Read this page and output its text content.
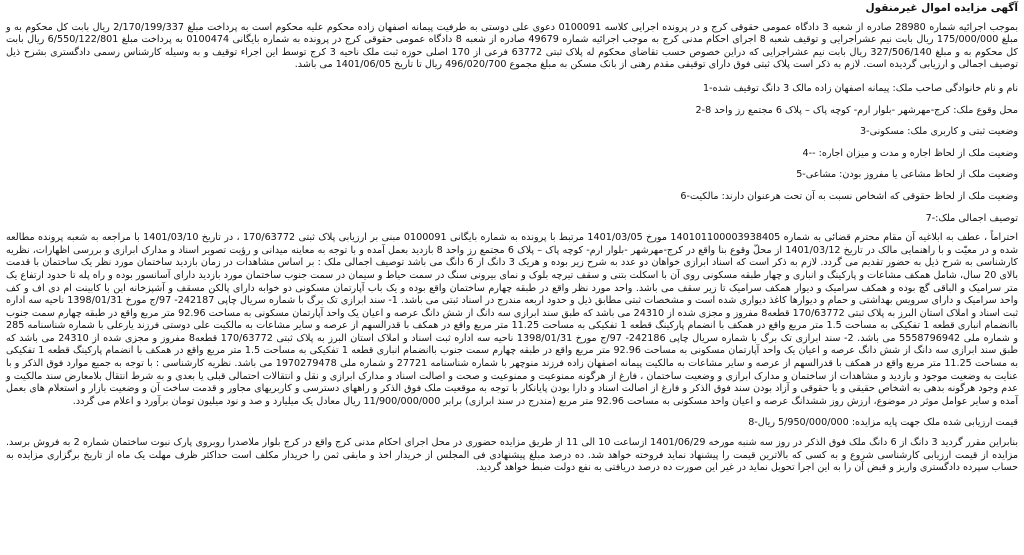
آگهی مزایده اموال غیرمنقول

بموجب اجرائیه شماره 28980 صادره از شعبه 3 دادگاه عمومی حقوقی کرج و در پرونده اجرایی کلاسه 0100091 دعوی علی دوستی به طرفیت پیمانه اصفهان زاده محکوم علیه محکوم است به پرداخت مبلغ 2/170/199/337 ریال بابت کل محکوم به و مبلغ 175/000/000 ریال بابت نیم عشراجرایی و توقیف شعبه 8 اجرای احکام مدنی کرج به موجب اجرائیه شماره 49679 صادره از شعبه 8 دادگاه عمومی حقوقی کرج در پرونده به شماره بایگانی 0100474 به پرداخت مبلغ 6/550/122/801 ریال بابت کل محکوم به و مبلغ 327/506/140 ریال بابت نیم عشراجرایی که دراین خصوص حسب تقاضای محکوم له پلاک ثبتی 63772 فرعی از 170 اصلی حوزه ثبت ملک ناحیه 3 کرج توسط این اجراء توقیف و به وسیله کارشناس رسمی دادگستری بشرح ذیل توصیف اجمالی و ارزیابی گردیده است. لازم به ذکر است پلاک ثبتی فوق دارای توقیفی مقدم رهنی از بانک مسکن به مبلغ مجموع 496/020/700 ریال تا تاریخ 1401/06/05 می باشد.

نام و نام خانوادگی صاحب ملک: پیمانه اصفهان زاده مالک 3 دانگ توقیف شده-1

محل وقوع ملک: کرج-مهرشهر -بلوار ارم- کوچه پاک – پلاک 6 مجتمع رز واحد 8-2

وضعیت ثبتی و کاربری ملک: مسکونی-3

وضعیت ملک از لحاظ اجاره و مدت و میزان اجاره: --4

وضعیت ملک از لحاظ مشاعی یا مفروز بودن: مشاعی-5

وضعیت ملک از لحاظ حقوقی که اشخاص نسبت به آن تحت هرعنوان دارند: مالکیت-6

توصیف اجمالی ملک:-7

احتراماً ، عطف به ابلاغیه آن مقام محترم قضائی به شماره 140101100003938405 مورخ 1401/03/05 مرتبط با پرونده به شماره بایگانی 0100091 مبنی بر ارزیابی پلاک ثبتی 170/63772 ، در تاریخ 1401/03/10 با مراجعه به شعبه پرونده مطالعه شده و در معیّت و با راهنمایی مالک در تاریخ 1401/03/12 از محلّ وقوع بنا واقع در کرج-مهرشهر -بلوار ارم- کوچه پاک – پلاک 6 مجتمع رز واحد 8 بازدید بعمل آمده و با توجه به معاینه میدانی و رؤیت تصویر اسناد و مدارک ابرازی و بررسی اظهارات، نظریه کارشناسی به شرح ذیل به حضور تقدیم می گردد. لازم به ذکر است که اسناد ابرازی خواهان دو عدد به شرح زیر بوده و هریک 3 دانگ از 6 دانگ می باشد توصیف اجمالی ملک : بر اساس مشاهدات در زمان بازدید ساختمان مورد نظر یک ساختمان با قدمت بالای 20 سال، شامل همکف مشاعات و پارکینگ و انباری و چهار طبقه مسکونی روی آن با اسکلت بتنی و سقف تیرچه بلوک و نمای بیرونی سنگ در سمت حیاط و سیمان در سمت جنوب ساختمان مورد بازدید دارای آسانسور بوده و راه پله تا حدود ارتفاع یک متر سرامیک و الباقی گچ بوده و همکف سرامیک و دیوار همکف سرامیک تا زیر سقف می باشد. واحد مورد نظر واقع در طبقه چهارم ساختمان واقع بوده و یک باب آپارتمان مسکونی دو خوابه دارای پالکن مسقف و آشپزخانه این با کابینت ام دی اف و کف واحد سرامیک و دارای سرویس بهداشتی و حمام و دیوارها کاغذ دیواری شده است و مشخصات ثبتی مطابق ذیل و حدود اربعه مندرج در اسناد ثبتی می باشد. 1- سند ابرازی تک برگ با شماره سریال چاپی 242187- 97/ج مورخ 1398/01/31 ناحیه سه اداره ثبت اسناد و املاک استان البرز به پلاک ثبتی 170/63772 قطعه8 مفروز و مجزی شده از 24310 می باشد که طبق سند ابرازی سه دانگ از شش دانگ عرصه و اعیان یک واحد آپارتمان مسکونی به مساحت 92.96 متر مربع واقع در طبقه چهارم سمت جنوب باانضمام انباری قطعه 1 تفکیکی به مساحت 1.5 متر مربع واقع در همکف با انضمام پارکینگ قطعه 1 تفکیکی به مساحت 11.25 متر مربع واقع در همکف با قدرالسهم از عرصه و سایر مشاعات به مالکیت علی دوستی فرزند یارعلی با شماره شناسنامه 285 و شماره ملی 5558796942 می باشد. 2- سند ابرازی تک برگ با شماره سریال چاپی 242186- 97/ج مورخ 1398/01/31 ناحیه سه اداره ثبت اسناد و املاک استان البرز به پلاک ثبتی 170/63772 قطعه8 مفروز و مجزی شده از 24310 می باشد که طبق سند ابرازی سه دانگ از شش دانگ عرصه و اعیان یک واحد آپارتمان مسکونی به مساحت 92.96 متر مربع واقع در طبقه چهارم سمت جنوب باانضمام انباری قطعه 1 تفکیکی به مساحت 1.5 متر مربع واقع در همکف با انضمام پارکینگ قطعه 1 تفکیکی به مساحت 11.25 متر مربع واقع در همکف با قدرالسهم از عرصه و سایر مشاعات به مالکیت پیمانه اصفهان زاده فرزند منوچهر با شماره شناسنامه 27721 و شماره ملی 1970279478 می باشد. نظریه کارشناسی : با توجه به جمیع موارد فوق الذکر و با عنایت به وضعیت موجود و بازدید و مشاهدات از ساختمان و مدارک ابرازی و وضعیت ساختمان ، فارغ از هرگونه ممنوعیت و ممنوعیت و صحت و اصالت اسناد و مدارک ابرازی و نقل و انتقالات احتمالی قبلی یا بعدی و به شرط انتقال بلامعارض سند مالکیت و عدم وجود هرگونه بدهی به اشخاص حقیقی و یا حقوقی و آزاد بودن سند فوق الذکر و فارغ از اصالت اسناد و دارا بودن پایانکار با توجه به موقعیت ملک فوق الذکر و راههای دسترسی و کاربریهای مجاور و قدمت ساخت آن و وضعیت بازار و استعلام های بعمل آمده و سایر عوامل موثر در موضوع، ارزش روز ششدانگ عرصه و اعیان واحد مسکونی به مساحت 92.96 متر مربع (مندرج در سند ابرازی) برابر 11/900/000/000 ریال معادل یک میلیارد و صد و نود میلیون تومان برآورد و اعلام می گردد.

قیمت ارزیابی شده ملک جهت پایه مزایده: 5/950/000/000 ریال-8

بنابراین مقرر گردید 3 دانگ از 6 دانگ ملک فوق الذکر در روز سه شنبه مورخه 1401/06/29 ازساعت 10 الی 11 از طریق مزایده حضوری در محل اجرای احکام مدنی کرج واقع در کرج بلوار ملاصدرا روبروی پارک نبوت ساختمان شماره 2 به فروش برسد. مزایده از قیمت ارزیابی کارشناسی شروع و به کسی که بالاترین قیمت را پیشنهاد نماید فروخته خواهد شد. ده درصد مبلغ پیشنهادی فی المجلس از خریدار اخذ و مابقی ثمن را خریدار مکلف است حداکثر ظرف مهلت یک ماه از تاریخ برگزاری مزایده به حساب سپرده دادگستری واریز و قبض آن را به این اجرا تحویل نماید در غیر این صورت ده درصد دریافتی به نفع دولت ضبط خواهد گردید.
